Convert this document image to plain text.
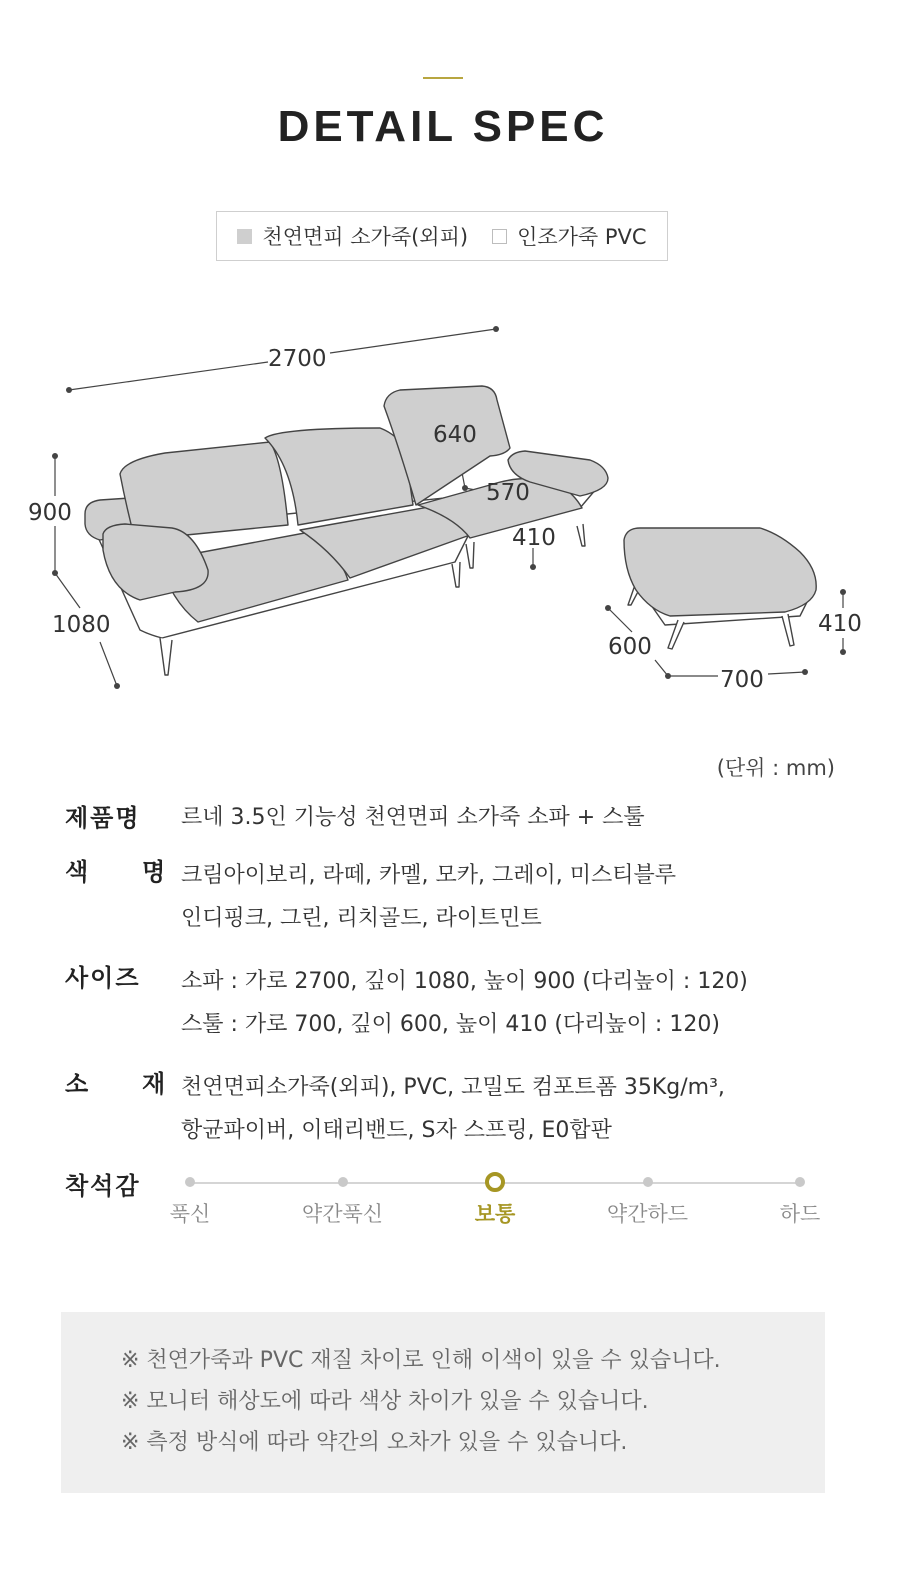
DETAIL SPEC
천연면피 소가죽(외피) 인조가죽 PVC
2700
900
1080
640
570
410
600
700
410
(단위 : mm)
제품명	르네 3.5인 기능성 천연면피 소가죽 소파 + 스툴
색     명 크림아이보리, 라떼, 카멜, 모카, 그레이, 미스티블루
인디핑크, 그린, 리치골드, 라이트민트
사이즈	소파 : 가로 2700, 깊이 1080, 높이 900 (다리높이 : 120)
스툴 : 가로 700, 깊이 600, 높이 410 (다리높이 : 120)
소     재 천연면피소가죽(외피), PVC, 고밀도 컴포트폼 35Kg/m³,
항균파이버, 이태리밴드, S자 스프링, E0합판
착석감
푹신	약간푹신	보통	약간하드	하드
※ 천연가죽과 PVC 재질 차이로 인해 이색이 있을 수 있습니다.
※ 모니터 해상도에 따라 색상 차이가 있을 수 있습니다.
※ 측정 방식에 따라 약간의 오차가 있을 수 있습니다.
